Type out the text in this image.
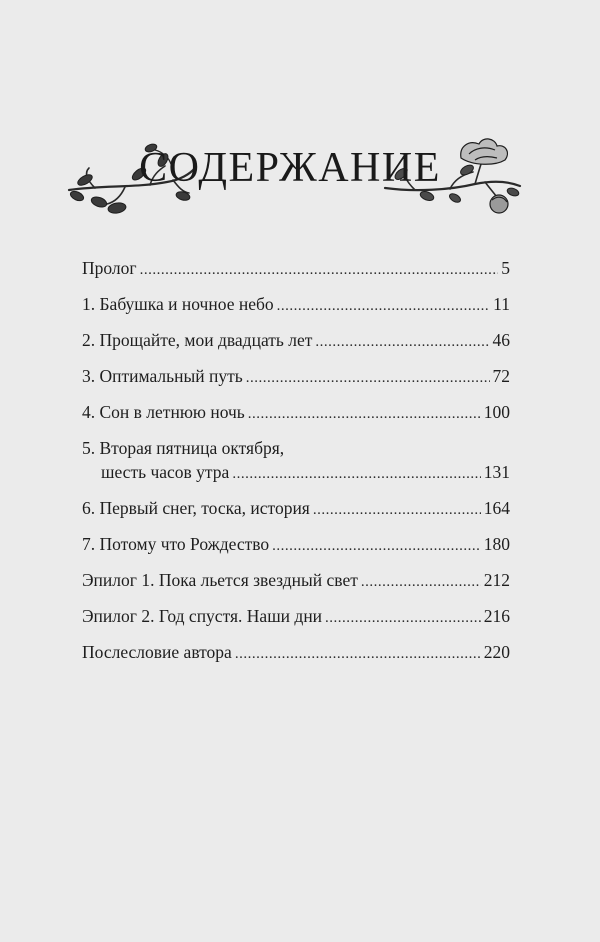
СОДЕРЖАНИЕ
Пролог .....	5
1. Бабушка и ночное небо .....	11
2. Прощайте, мои двадцать лет .....	46
3. Оптимальный путь .....	72
4. Сон в летнюю ночь .....	100
5. Вторая пятница октября,
шесть часов утра .....	131
6. Первый снег, тоска, история .....	164
7. Потому что Рождество .....	180
Эпилог 1. Пока льется звездный свет .....	212
Эпилог 2. Год спустя. Наши дни .....	216
Послесловие автора .....	220
